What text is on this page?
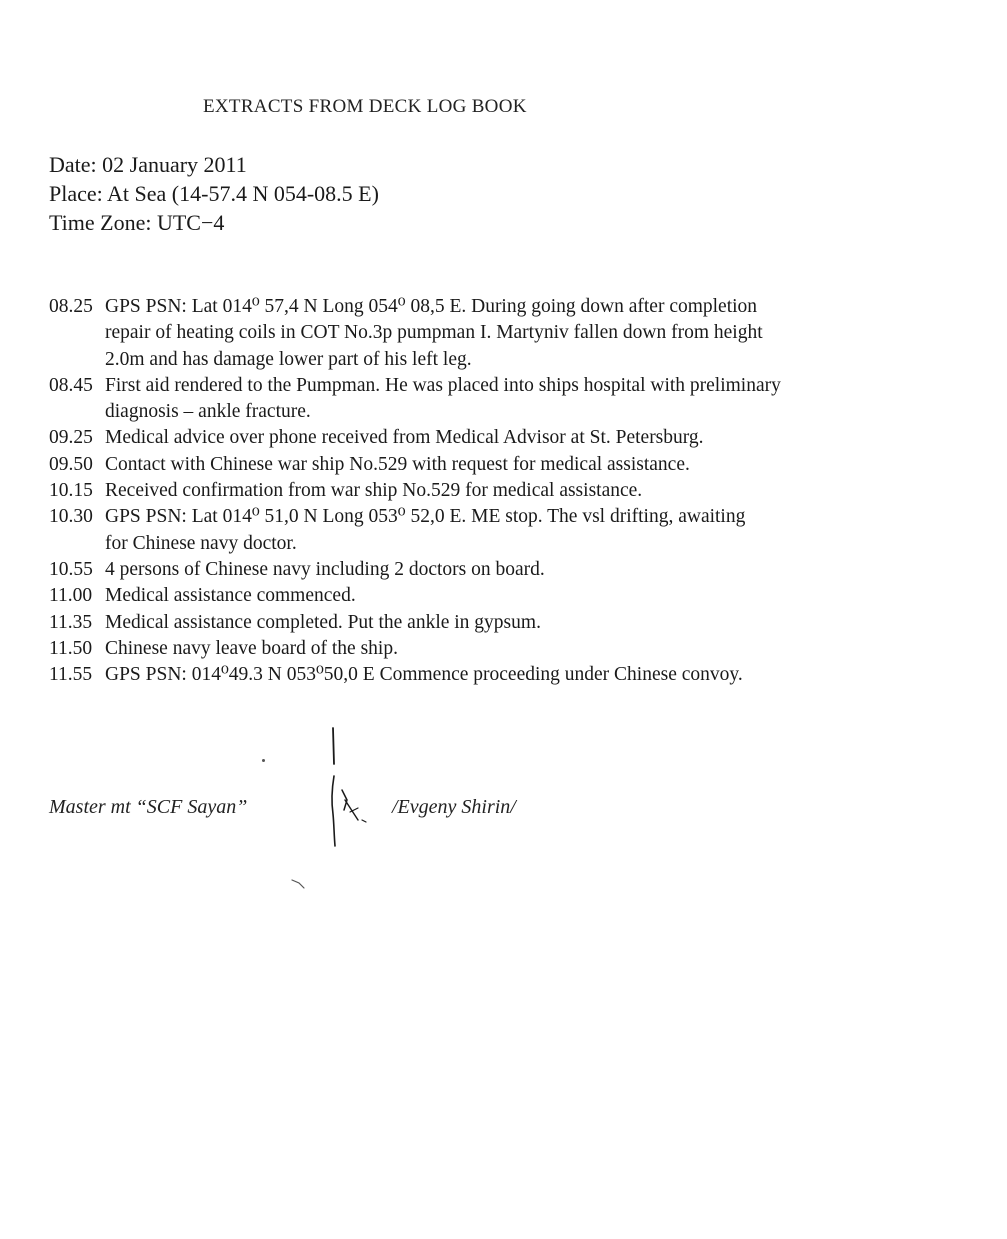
EXTRACTS FROM DECK LOG BOOK
Date: 02 January 2011
Place: At Sea (14-57.4 N 054-08.5 E)
Time Zone: UTC−4
08.25 GPS PSN: Lat 014⁰ 57,4 N Long 054⁰ 08,5 E. During going down after completion
repair of heating coils in COT No.3p pumpman I. Martyniv fallen down from height
2.0m and has damage lower part of his left leg.
08.45 First aid rendered to the Pumpman. He was placed into ships hospital with preliminary
diagnosis – ankle fracture.
09.25 Medical advice over phone received from Medical Advisor at St. Petersburg.
09.50 Contact with Chinese war ship No.529 with request for medical assistance.
10.15 Received confirmation from war ship No.529 for medical assistance.
10.30 GPS PSN: Lat 014⁰ 51,0 N Long 053⁰ 52,0 E. ME stop. The vsl drifting, awaiting
for Chinese navy doctor.
10.55 4 persons of Chinese navy including 2 doctors on board.
11.00 Medical assistance commenced.
11.35 Medical assistance completed. Put the ankle in gypsum.
11.50 Chinese navy leave board of the ship.
11.55 GPS PSN: 014⁰49.3 N 053⁰50,0 E Commence proceeding under Chinese convoy.
Master mt “SCF Sayan”	/Evgeny Shirin/
